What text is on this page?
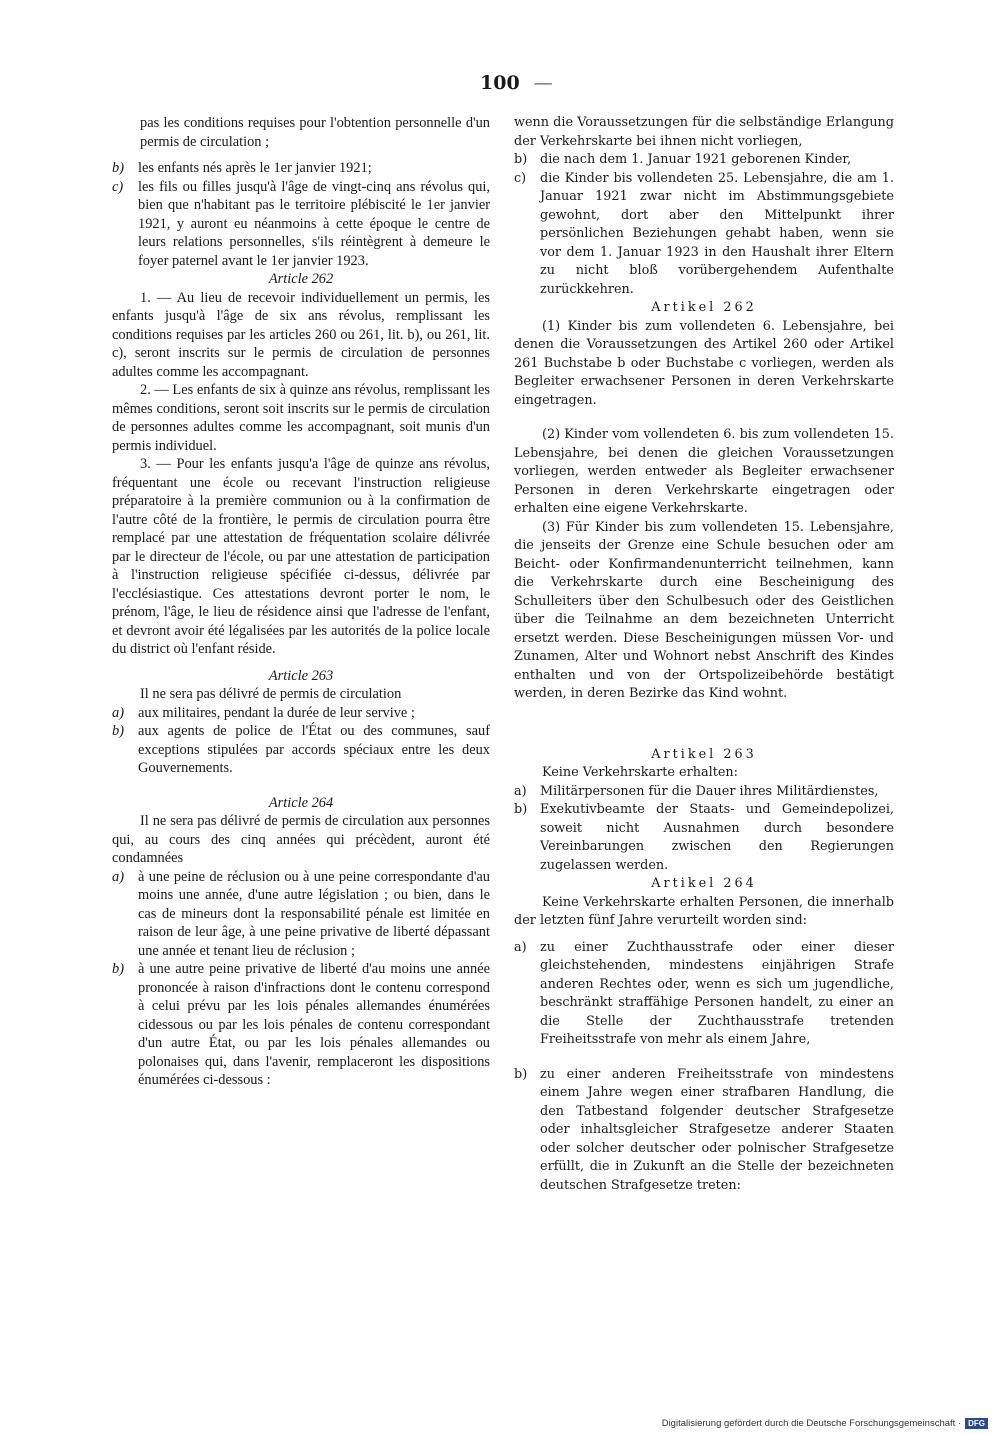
100 —

pas les conditions requises pour l'obtention personnelle d'un permis de circulation ;

b) les enfants nés après le 1er janvier 1921;
c)	les fils ou filles jusqu'à l'âge de vingt-cinq ans révolus qui, bien que n'habitant pas le territoire plébiscité le 1er janvier 1921, y auront eu néanmoins à cette époque le centre de leurs relations personnelles, s'ils réintègrent à demeure le foyer paternel avant le 1er janvier 1923.

Article 262

1. — Au lieu de recevoir individuellement un permis, les enfants jusqu'à l'âge de six ans révolus, remplissant les conditions requises par les articles 260 ou 261, lit. b), ou 261, lit. c), seront inscrits sur le permis de circulation de personnes adultes comme les accompagnant.

2. — Les enfants de six à quinze ans révolus, remplissant les mêmes conditions, seront soit inscrits sur le permis de circulation de personnes adultes comme les accompagnant, soit munis d'un permis individuel.

3. — Pour les enfants jusqu'a l'âge de quinze ans révolus, fréquentant une école ou recevant l'instruction religieuse préparatoire à la première communion ou à la confirmation de l'autre côté de la frontière, le permis de circulation pourra être remplacé par une attestation de fréquentation scolaire délivrée par le directeur de l'école, ou par une attestation de participation à l'instruction religieuse spécifiée ci-dessus, délivrée par l'ecclésiastique. Ces attestations devront porter le nom, le prénom, l'âge, le lieu de résidence ainsi que l'adresse de l'enfant, et devront avoir été légalisées par les autorités de la police locale du district où l'enfant réside.

Article 263

Il ne sera pas délivré de permis de circulation

a) aux militaires, pendant la durée de leur servive ;
b) aux agents de police de l'État ou des communes, sauf exceptions stipulées par accords spéciaux entre les deux Gouvernements.

Article 264

Il ne sera pas délivré de permis de circulation aux personnes qui, au cours des cinq années qui précèdent, auront été condamnées

a) à une peine de réclusion ou à une peine correspondante d'au moins une année, d'une autre législation ; ou bien, dans le cas de mineurs dont la responsabilité pénale est limitée en raison de leur âge, à une peine privative de liberté dépassant une année et tenant lieu de réclusion ;
b) à une autre peine privative de liberté d'au moins une année prononcée à raison d'infractions dont le contenu correspond à celui prévu par les lois pénales allemandes énumérées cidessous ou par les lois pénales de contenu correspondant d'un autre État, ou par les lois pénales allemandes ou polonaises qui, dans l'avenir, remplaceront les dispositions énumérées ci-dessous :

wenn die Voraussetzungen für die selbständige Erlangung der Verkehrskarte bei ihnen nicht vorliegen,

b)	die nach dem 1. Januar 1921 geborenen Kinder,
c)	die Kinder bis vollendeten 25. Lebensjahre, die am 1. Januar 1921 zwar nicht im Abstimmungsgebiete gewohnt, dort aber den Mittelpunkt ihrer persönlichen Beziehungen gehabt haben, wenn sie vor dem 1. Januar 1923 in den Haushalt ihrer Eltern zu nicht bloß vorübergehendem Aufenthalte zurückkehren.

Artikel 262

(1) Kinder bis zum vollendeten 6. Lebensjahre, bei denen die Voraussetzungen des Artikel 260 oder Artikel 261 Buchstabe b oder Buchstabe c vorliegen, werden als Begleiter erwachsener Personen in deren Verkehrskarte eingetragen.

(2) Kinder vom vollendeten 6. bis zum vollendeten 15. Lebensjahre, bei denen die gleichen Voraussetzungen vorliegen, werden entweder als Begleiter erwachsener Personen in deren Verkehrskarte eingetragen oder erhalten eine eigene Verkehrskarte.

(3) Für Kinder bis zum vollendeten 15. Lebensjahre, die jenseits der Grenze eine Schule besuchen oder am Beicht- oder Konfirmandenunterricht teilnehmen, kann die Verkehrskarte durch eine Bescheinigung des Schulleiters über den Schulbesuch oder des Geistlichen über die Teilnahme an dem bezeichneten Unterricht ersetzt werden. Diese Bescheinigungen müssen Vor- und Zunamen, Alter und Wohnort nebst Anschrift des Kindes enthalten und von der Ortspolizeibehörde bestätigt werden, in deren Bezirke das Kind wohnt.

Artikel 263

Keine Verkehrskarte erhalten:

a)	Militärpersonen für die Dauer ihres Militärdienstes,
b)	Exekutivbeamte der Staats- und Gemeindepolizei, soweit nicht Ausnahmen durch besondere Vereinbarungen zwischen den Regierungen zugelassen werden.

Artikel 264

Keine Verkehrskarte erhalten Personen, die innerhalb der letzten fünf Jahre verurteilt worden sind:

a)	zu einer Zuchthausstrafe oder einer dieser gleichstehenden, mindestens einjährigen Strafe anderen Rechtes oder, wenn es sich um jugendliche, beschränkt straffähige Personen handelt, zu einer an die Stelle der Zuchthausstrafe tretenden Freiheitsstrafe von mehr als einem Jahre,
b)	zu einer anderen Freiheitsstrafe von mindestens einem Jahre wegen einer strafbaren Handlung, die den Tatbestand folgender deutscher Strafgesetze oder inhaltsgleicher Strafgesetze anderer Staaten oder solcher deutscher oder polnischer Strafgesetze erfüllt, die in Zukunft an die Stelle der bezeichneten deutschen Strafgesetze treten:
Digitalisierung gefördert durch die Deutsche Forschungsgemeinschaft · DFG
